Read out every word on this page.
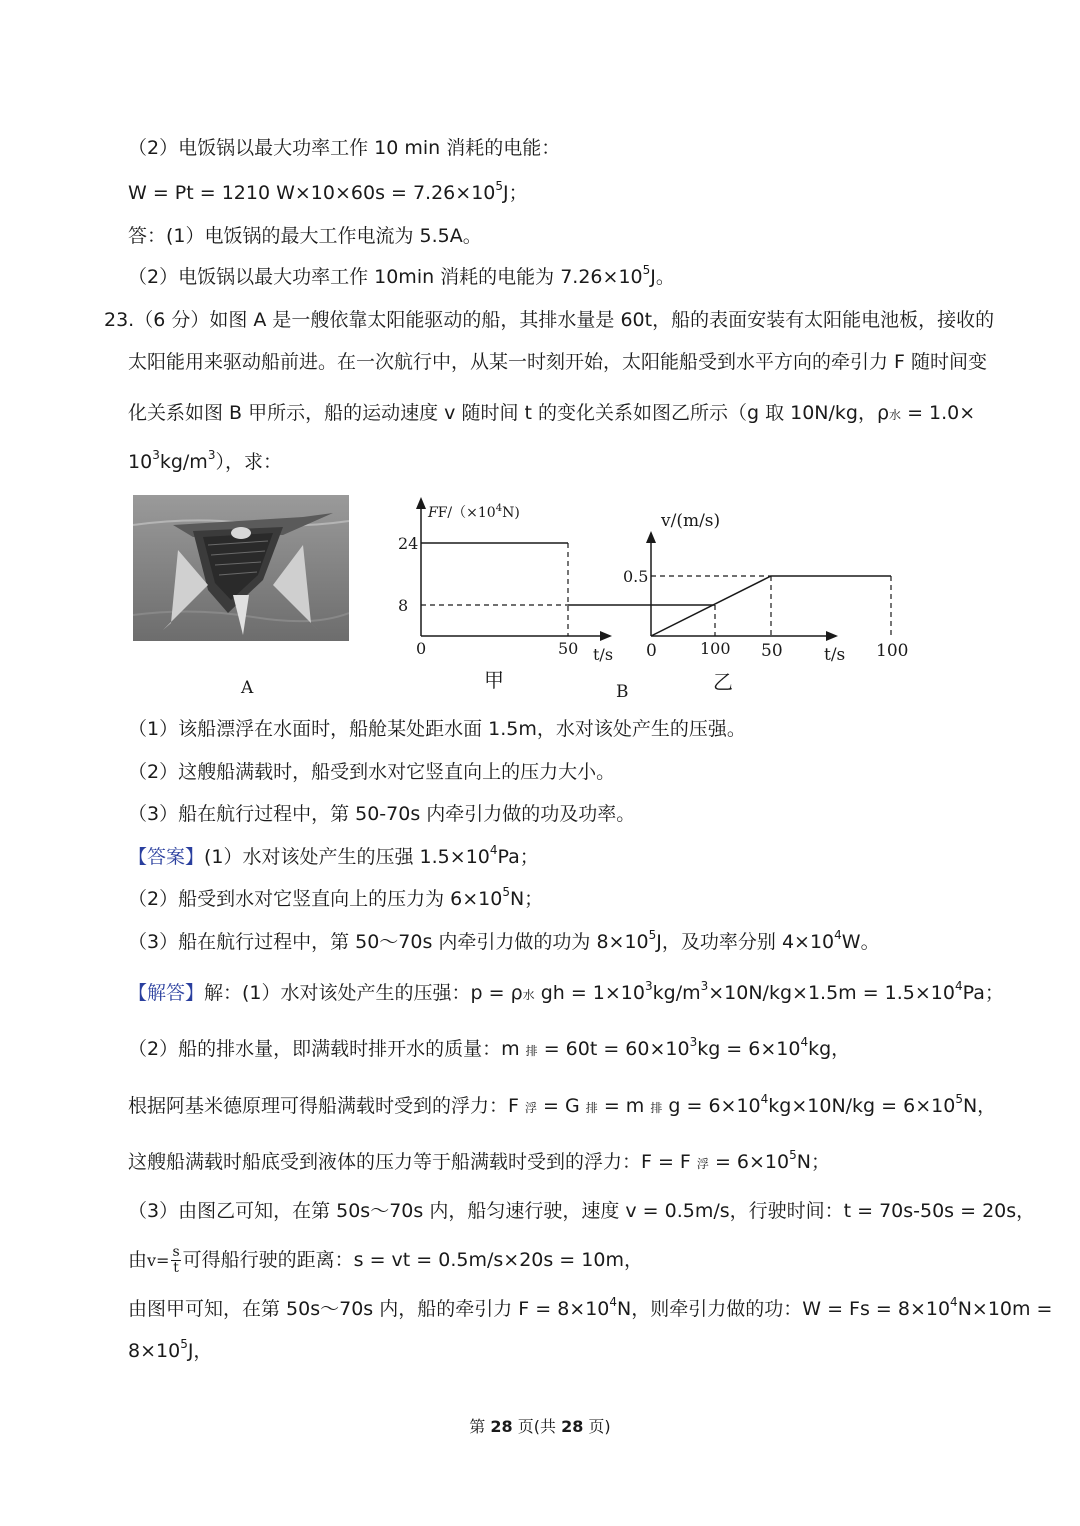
（2）电饭锅以最大功率工作 10 min 消耗的电能：
W = Pt = 1210 $W\times 10\times 60s = 7.26\times 10^5J$；
答：(1）电饭锅的最大工作电流为 5.5A。
（2）电饭锅以最大功率工作 10min 消耗的电能为 $7.26\times 10^5J$。
23.（6 分）如图 A 是一艘依靠太阳能驱动的船，其排水量是 60t，船的表面安装有太阳能电池板，接收的
太阳能用来驱动船前进。在一次航行中，从某一时刻开始，太阳能船受到水平方向的牵引力 F 随时间变
化关系如图 B 甲所示，船的运动速度 v 随时间 t 的变化关系如图乙所示（g 取 10N/kg，ρ水 = 1.0×
$10^3kg/m^3$），求：
A
$FF/(\times 10^4N)$
24
8
0	50	100
t/s
甲
v/(m/s)
0.5
0	50	100
t/s
B	乙
（1）该船漂浮在水面时，船舱某处距水面 1.5m，水对该处产生的压强。
（2）这艘船满载时，船受到水对它竖直向上的压力大小。
（3）船在航行过程中，第 50-70s 内牵引力做的功及功率。
【答案】(1）水对该处产生的压强 $1.5\times 10^4Pa$；
（2）船受到水对它竖直向上的压力为 $6\times 10^5N$；
（3）船在航行过程中，第 50～70s 内牵引力做的功为 $8\times 10^5J$，及功率分别 $4\times 10^4W$。
【解答】解：(1）水对该处产生的压强：p = ρ水 gh = $1\times 10^3kg/m^3\times 10N/kg\times 1.5m = 1.5\times 10^4Pa$；
（2）船的排水量，即满载时排开水的质量：m 排 = $60t = 60\times 10^3kg = 6\times 10^4kg$，
根据阿基米德原理可得船满载时受到的浮力：F 浮 = G 排 = m 排 $g = 6\times 10^4kg\times 10N/kg = 6\times 10^5N$，
这艘船满载时船底受到液体的压力等于船满载时受到的浮力：F = F 浮 = $6\times 10^5N$；
（3）由图乙可知，在第 50s～70s 内，船匀速行驶，速度 v = 0.5m/s，行驶时间：t = 70s-50s = 20s，
由$v= \frac{s}{t}$ 可得船行驶的距离：s = vt = 0.5m/s×20s = 10m，
由图甲可知，在第 50s～70s 内，船的牵引力 $F = 8\times 10^4N$，则牵引力做的功：$W = Fs = 8\times 10^4N\times 10m$ =
$8\times 10^5J$，
第 28 页(共 28 页)
